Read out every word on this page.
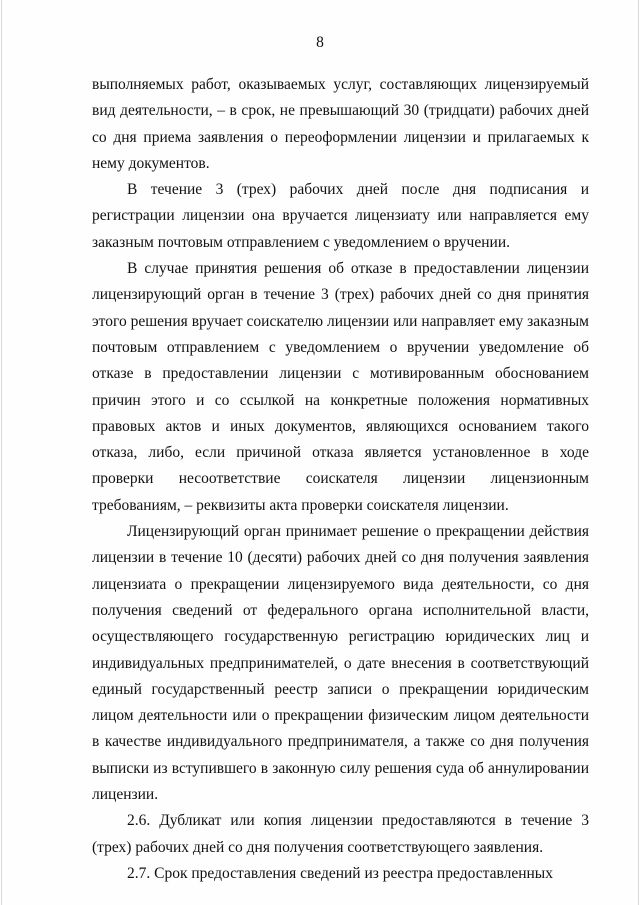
8

выполняемых работ, оказываемых услуг, составляющих лицензируемый вид деятельности, – в срок, не превышающий 30 (тридцати) рабочих дней со дня приема заявления о переоформлении лицензии и прилагаемых к нему документов.

В течение 3 (трех) рабочих дней после дня подписания и регистрации лицензии она вручается лицензиату или направляется ему заказным почтовым отправлением с уведомлением о вручении.

В случае принятия решения об отказе в предоставлении лицензии лицензирующий орган в течение 3 (трех) рабочих дней со дня принятия этого решения вручает соискателю лицензии или направляет ему заказным почтовым отправлением с уведомлением о вручении уведомление об отказе в предоставлении лицензии с мотивированным обоснованием причин этого и со ссылкой на конкретные положения нормативных правовых актов и иных документов, являющихся основанием такого отказа, либо, если причиной отказа является установленное в ходе проверки несоответствие соискателя лицензии лицензионным требованиям, – реквизиты акта проверки соискателя лицензии.

Лицензирующий орган принимает решение о прекращении действия лицензии в течение 10 (десяти) рабочих дней со дня получения заявления лицензиата о прекращении лицензируемого вида деятельности, со дня получения сведений от федерального органа исполнительной власти, осуществляющего государственную регистрацию юридических лиц и индивидуальных предпринимателей, о дате внесения в соответствующий единый государственный реестр записи о прекращении юридическим лицом деятельности или о прекращении физическим лицом деятельности в качестве индивидуального предпринимателя, а также со дня получения выписки из вступившего в законную силу решения суда об аннулировании лицензии.

2.6. Дубликат или копия лицензии предоставляются в течение 3 (трех) рабочих дней со дня получения соответствующего заявления.

2.7. Срок предоставления сведений из реестра предоставленных
